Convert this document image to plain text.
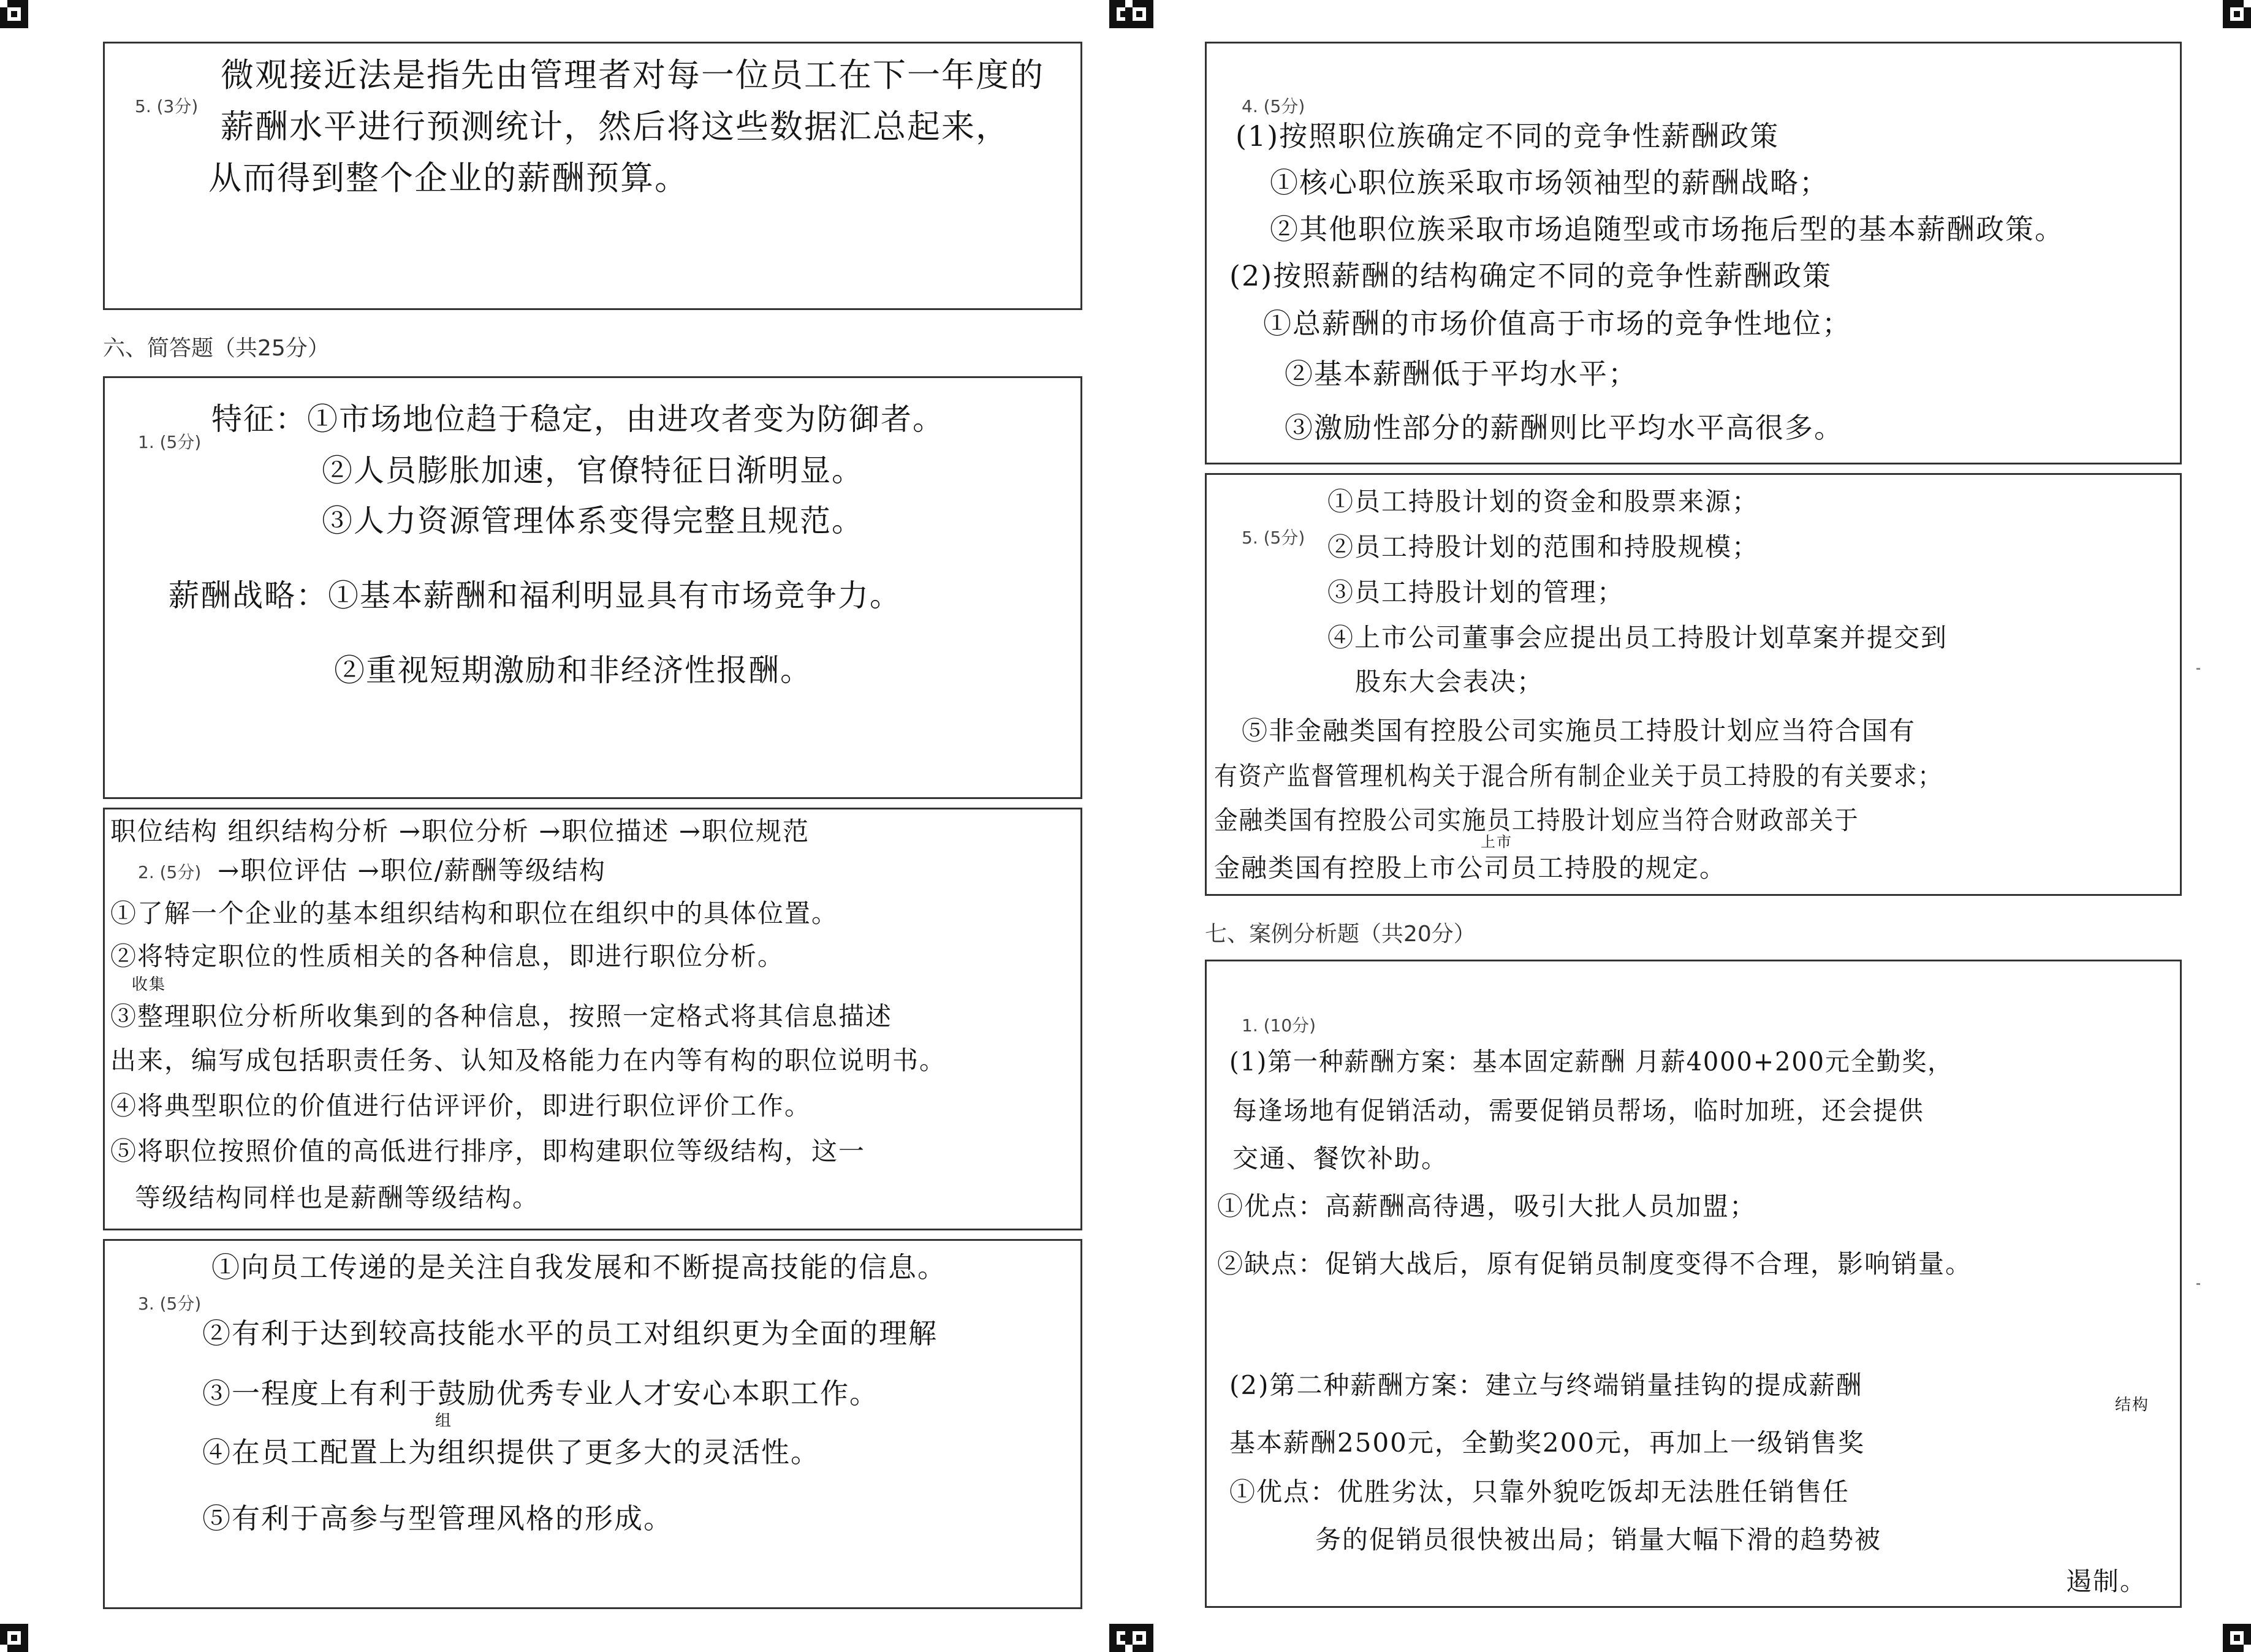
5. (3分)
微观接近法是指先由管理者对每一位员工在下一年度的
薪酬水平进行预测统计，然后将这些数据汇总起来，
从而得到整个企业的薪酬预算。
六、简答题（共25分）
1. (5分)
特征：①市场地位趋于稳定，由进攻者变为防御者。
②人员膨胀加速，官僚特征日渐明显。
③人力资源管理体系变得完整且规范。
薪酬战略：①基本薪酬和福利明显具有市场竞争力。
②重视短期激励和非经济性报酬。
2. (5分)
职位结构 组织结构分析 →职位分析 →职位描述 →职位规范
→职位评估 →职位/薪酬等级结构
①了解一个企业的基本组织结构和职位在组织中的具体位置。
②将特定职位的性质相关的各种信息，即进行职位分析。
收集
③整理职位分析所收集到的各种信息，按照一定格式将其信息描述
出来，编写成包括职责任务、认知及格能力在内等有构的职位说明书。
④将典型职位的价值进行估评评价，即进行职位评价工作。
⑤将职位按照价值的高低进行排序，即构建职位等级结构，这一
等级结构同样也是薪酬等级结构。
3. (5分)
①向员工传递的是关注自我发展和不断提高技能的信息。
②有利于达到较高技能水平的员工对组织更为全面的理解
③一程度上有利于鼓励优秀专业人才安心本职工作。
组
④在员工配置上为组织提供了更多大的灵活性。
⑤有利于高参与型管理风格的形成。
4. (5分)
(1)按照职位族确定不同的竞争性薪酬政策
①核心职位族采取市场领袖型的薪酬战略；
②其他职位族采取市场追随型或市场拖后型的基本薪酬政策。
(2)按照薪酬的结构确定不同的竞争性薪酬政策
①总薪酬的市场价值高于市场的竞争性地位；
②基本薪酬低于平均水平；
③激励性部分的薪酬则比平均水平高很多。
5. (5分)
①员工持股计划的资金和股票来源；
②员工持股计划的范围和持股规模；
③员工持股计划的管理；
④上市公司董事会应提出员工持股计划草案并提交到
股东大会表决；
⑤非金融类国有控股公司实施员工持股计划应当符合国有
有资产监督管理机构关于混合所有制企业关于员工持股的有关要求；
金融类国有控股公司实施员工持股计划应当符合财政部关于
上市
金融类国有控股上市公司员工持股的规定。
七、案例分析题（共20分）
1. (10分)
(1)第一种薪酬方案：基本固定薪酬 月薪4000+200元全勤奖，
每逢场地有促销活动，需要促销员帮场，临时加班，还会提供
交通、餐饮补助。
①优点：高薪酬高待遇，吸引大批人员加盟；
②缺点：促销大战后，原有促销员制度变得不合理，影响销量。
(2)第二种薪酬方案：建立与终端销量挂钩的提成薪酬
结构
基本薪酬2500元，全勤奖200元，再加上一级销售奖
①优点：优胜劣汰，只靠外貌吃饭却无法胜任销售任
务的促销员很快被出局；销量大幅下滑的趋势被
遏制。
